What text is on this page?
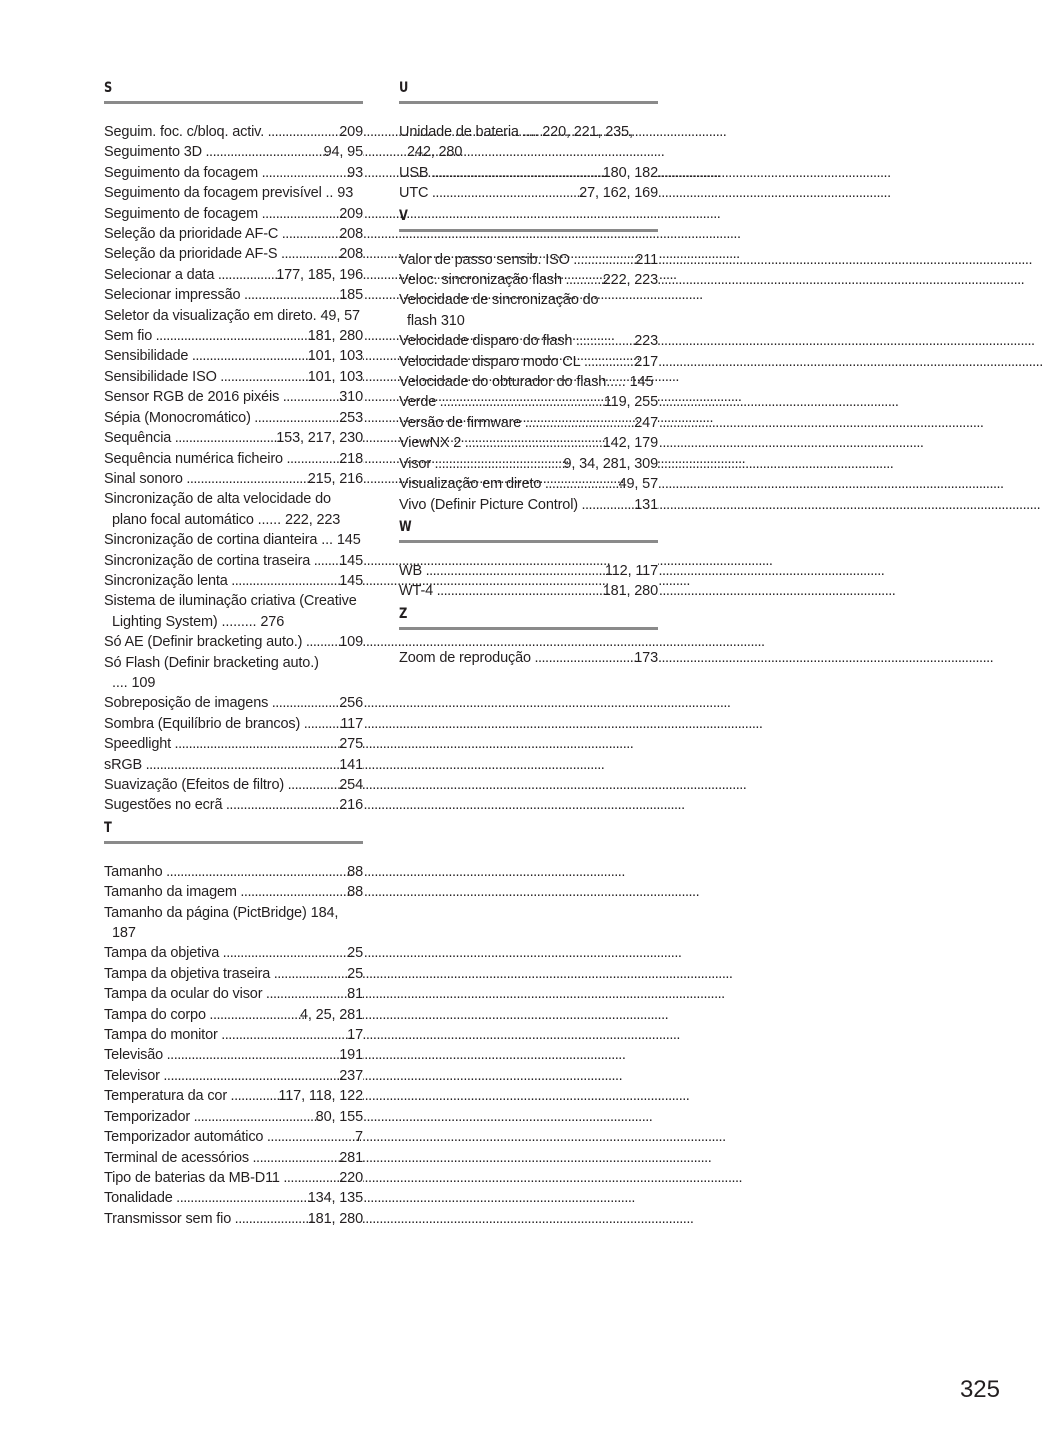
S
Seguim. foc. c/bloq. activ. .....	209
Seguimento 3D .....	94, 95
Seguimento da focagem .....	93
Seguimento da focagem previsível .. 93
Seguimento de focagem .....	209
Seleção da prioridade AF-C .....	208
Seleção da prioridade AF-S .....	208
Selecionar a data .....	177, 185, 196
Selecionar impressão .....	185
Seletor da visualização em direto. 49, 57
Sem fio .....	181, 280
Sensibilidade .....	101, 103
Sensibilidade ISO .....	101, 103
Sensor RGB de 2016 pixéis .....	310
Sépia (Monocromático) .....	253
Sequência .....	153, 217, 230
Sequência numérica ficheiro .....	218
Sinal sonoro .....	215, 216
Sincronização de alta velocidade do plano focal automático ...... 222, 223
Sincronização de cortina dianteira ... 145
Sincronização de cortina traseira .....	145
Sincronização lenta .....	145
Sistema de iluminação criativa (Creative Lighting System) ......... 276
Só AE (Definir bracketing auto.) .....	109
Só Flash (Definir bracketing auto.) .... 109
Sobreposição de imagens .....	256
Sombra (Equilíbrio de brancos) .....	117
Speedlight .....	275
sRGB .....	141
Suavização (Efeitos de filtro) .....	254
Sugestões no ecrã .....	216
T
Tamanho .....	88
Tamanho da imagem .....	88
Tamanho da página (PictBridge) 184, 187
Tampa da objetiva .....	25
Tampa da objetiva traseira .....	25
Tampa da ocular do visor .....	81
Tampa do corpo .....	4, 25, 281
Tampa do monitor .....	17
Televisão .....	191
Televisor .....	237
Temperatura da cor .....	117, 118, 122
Temporizador .....	80, 155
Temporizador automático .....	7
Terminal de acessórios .....	281
Tipo de baterias da MB-D11 .....	220
Tonalidade .....	134, 135
Transmissor sem fio .....	181, 280
U
Unidade de bateria .... 220, 221, 235, 242, 280
USB .....	180, 182
UTC .....	27, 162, 169
V
Valor de passo sensib. ISO .....	211
Veloc. sincronização flash .....	222, 223
Velocidade de sincronização do flash 310
Velocidade disparo do flash .....	223
Velocidade disparo modo CL .....	217
Velocidade do obturador do flash..... 145
Verde .....	119, 255
Versão de firmware .....	247
ViewNX 2 .....	142, 179
Visor .....	9, 34, 281, 309
Visualização em direto .....	49, 57
Vivo (Definir Picture Control) .....	131
W
WB .....	112, 117
WT-4 .....	181, 280
Z
Zoom de reprodução .....	173
325
